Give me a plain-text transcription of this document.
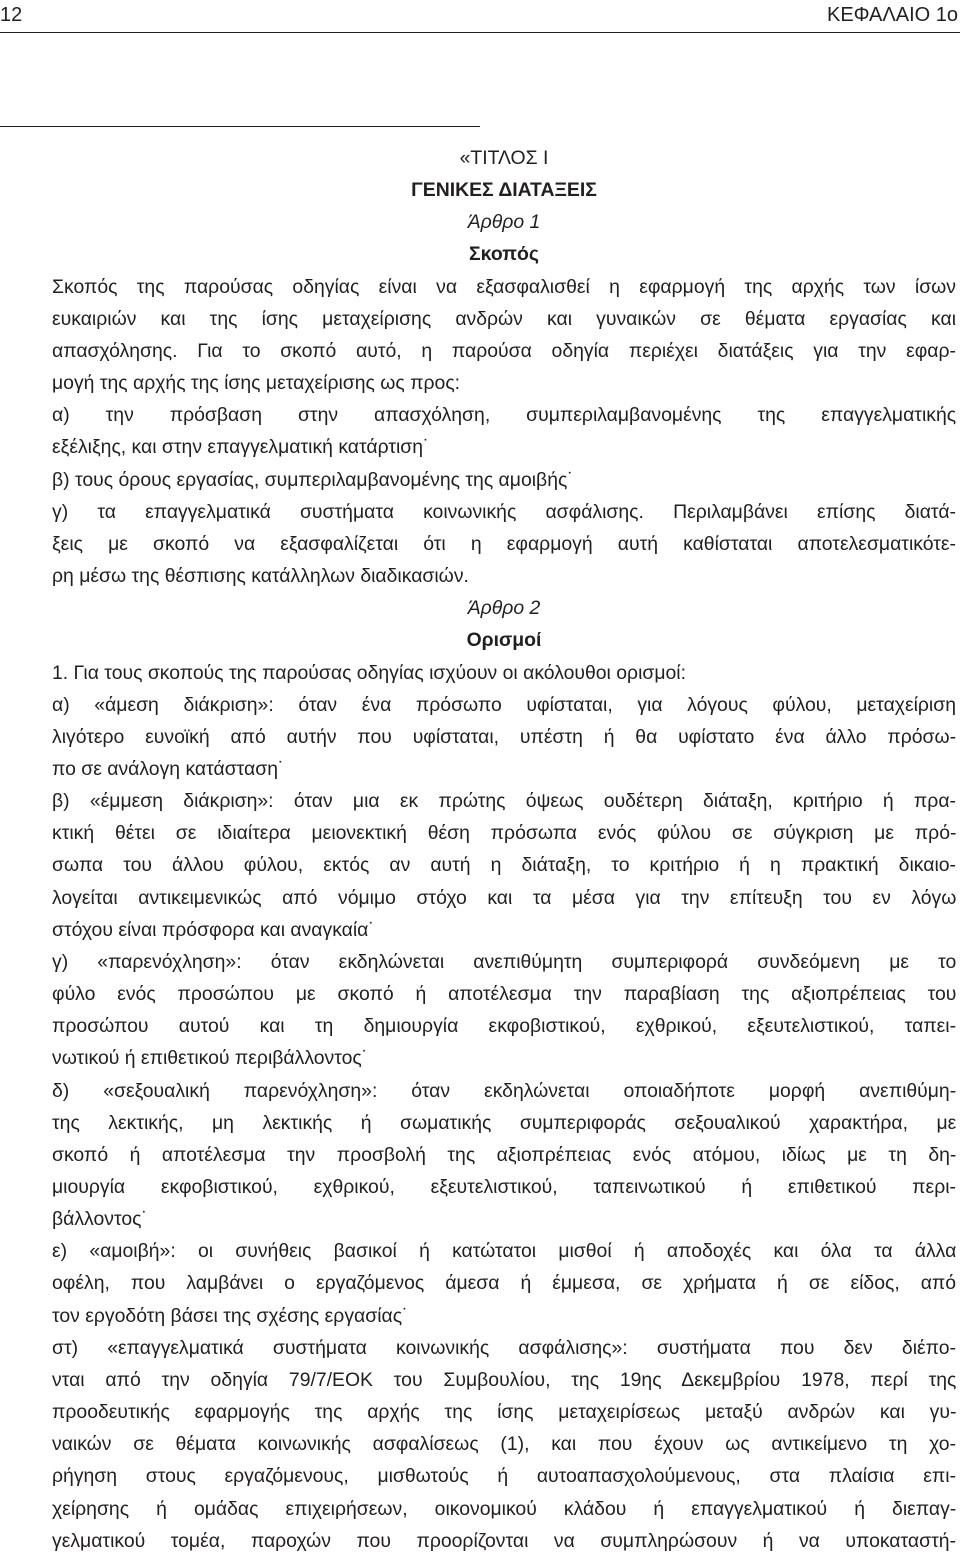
12	ΚΕΦΑΛΑΙΟ 1ο
«ΤΙΤΛΟΣ Ι
ΓΕΝΙΚΕΣ ΔΙΑΤΑΞΕΙΣ
Άρθρο 1
Σκοπός
Σκοπός της παρούσας οδηγίας είναι να εξασφαλισθεί η εφαρμογή της αρχής των ίσων
ευκαιριών και της ίσης μεταχείρισης ανδρών και γυναικών σε θέματα εργασίας και
απασχόλησης. Για το σκοπό αυτό, η παρούσα οδηγία περιέχει διατάξεις για την εφαρ-
μογή της αρχής της ίσης μεταχείρισης ως προς:
α) την πρόσβαση στην απασχόληση, συμπεριλαμβανομένης της επαγγελματικής
εξέλιξης, και στην επαγγελματική κατάρτιση˙
β) τους όρους εργασίας, συμπεριλαμβανομένης της αμοιβής˙
γ) τα επαγγελματικά συστήματα κοινωνικής ασφάλισης. Περιλαμβάνει επίσης διατά-
ξεις με σκοπό να εξασφαλίζεται ότι η εφαρμογή αυτή καθίσταται αποτελεσματικότε-
ρη μέσω της θέσπισης κατάλληλων διαδικασιών.
Άρθρο 2
Ορισμοί
1. Για τους σκοπούς της παρούσας οδηγίας ισχύουν οι ακόλουθοι ορισμοί:
α) «άμεση διάκριση»: όταν ένα πρόσωπο υφίσταται, για λόγους φύλου, μεταχείριση
λιγότερο ευνοϊκή από αυτήν που υφίσταται, υπέστη ή θα υφίστατο ένα άλλο πρόσω-
πο σε ανάλογη κατάσταση˙
β) «έμμεση διάκριση»: όταν μια εκ πρώτης όψεως ουδέτερη διάταξη, κριτήριο ή πρα-
κτική θέτει σε ιδιαίτερα μειονεκτική θέση πρόσωπα ενός φύλου σε σύγκριση με πρό-
σωπα του άλλου φύλου, εκτός αν αυτή η διάταξη, το κριτήριο ή η πρακτική δικαιο-
λογείται αντικειμενικώς από νόμιμο στόχο και τα μέσα για την επίτευξη του εν λόγω
στόχου είναι πρόσφορα και αναγκαία˙
γ) «παρενόχληση»: όταν εκδηλώνεται ανεπιθύμητη συμπεριφορά συνδεόμενη με το
φύλο ενός προσώπου με σκοπό ή αποτέλεσμα την παραβίαση της αξιοπρέπειας του
προσώπου αυτού και τη δημιουργία εκφοβιστικού, εχθρικού, εξευτελιστικού, ταπει-
νωτικού ή επιθετικού περιβάλλοντος˙
δ) «σεξουαλική παρενόχληση»: όταν εκδηλώνεται οποιαδήποτε μορφή ανεπιθύμη-
της λεκτικής, μη λεκτικής ή σωματικής συμπεριφοράς σεξουαλικού χαρακτήρα, με
σκοπό ή αποτέλεσμα την προσβολή της αξιοπρέπειας ενός ατόμου, ιδίως με τη δη-
μιουργία εκφοβιστικού, εχθρικού, εξευτελιστικού, ταπεινωτικού ή επιθετικού περι-
βάλλοντος˙
ε) «αμοιβή»: οι συνήθεις βασικοί ή κατώτατοι μισθοί ή αποδοχές και όλα τα άλλα
οφέλη, που λαμβάνει ο εργαζόμενος άμεσα ή έμμεσα, σε χρήματα ή σε είδος, από
τον εργοδότη βάσει της σχέσης εργασίας˙
στ) «επαγγελματικά συστήματα κοινωνικής ασφάλισης»: συστήματα που δεν διέπο-
νται από την οδηγία 79/7/ΕΟΚ του Συμβουλίου, της 19ης Δεκεμβρίου 1978, περί της
προοδευτικής εφαρμογής της αρχής της ίσης μεταχειρίσεως μεταξύ ανδρών και γυ-
ναικών σε θέματα κοινωνικής ασφαλίσεως (1), και που έχουν ως αντικείμενο τη χο-
ρήγηση στους εργαζόμενους, μισθωτούς ή αυτοαπασχολούμενους, στα πλαίσια επι-
χείρησης ή ομάδας επιχειρήσεων, οικονομικού κλάδου ή επαγγελματικού ή διεπαγ-
γελματικού τομέα, παροχών που προορίζονται να συμπληρώσουν ή να υποκαταστή-
